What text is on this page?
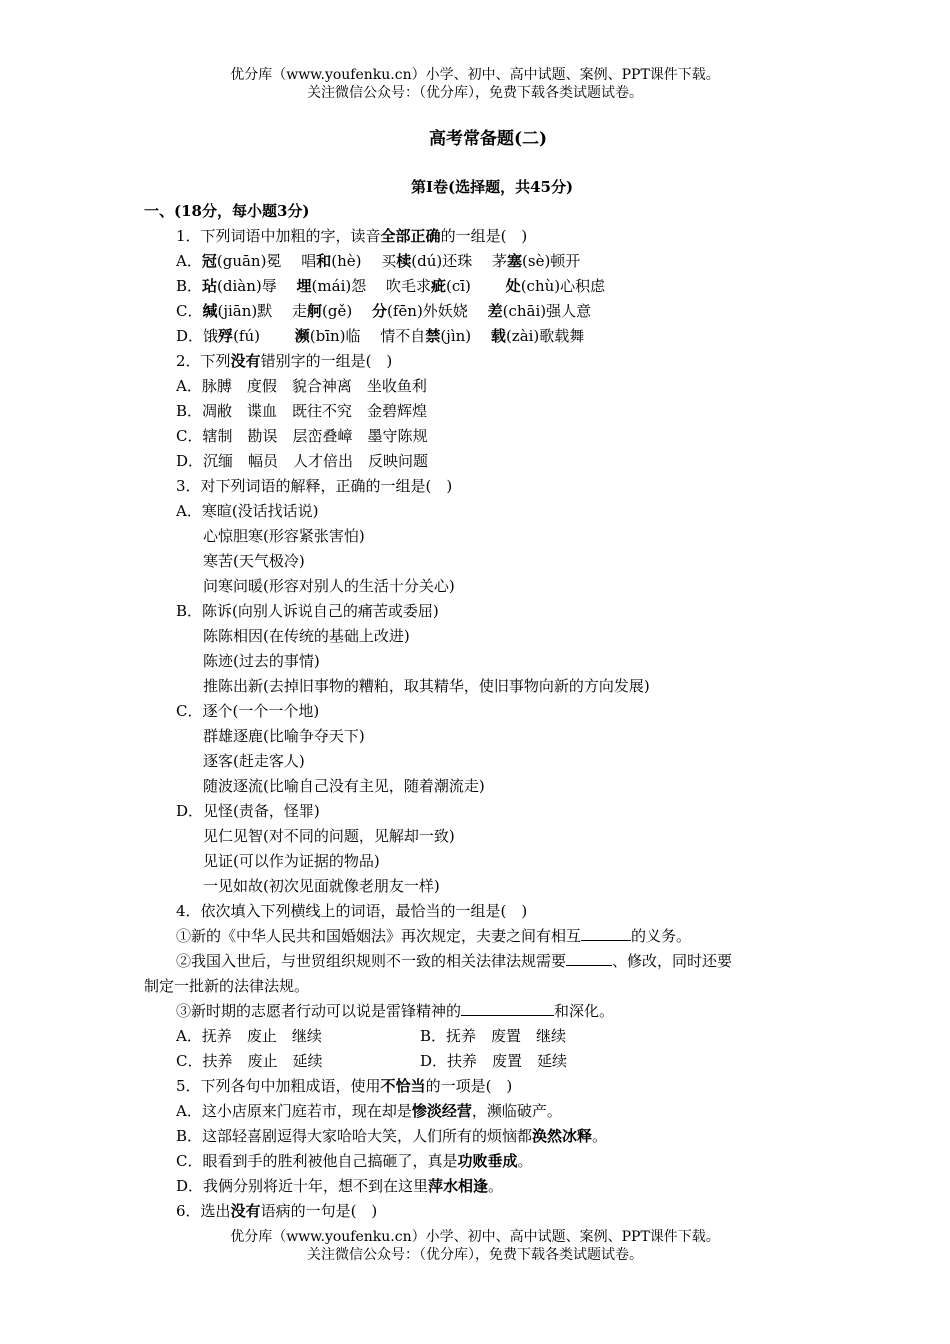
优分库（www.youfenku.cn）小学、初中、高中试题、案例、PPT课件下载。
关注微信公众号：（优分库），免费下载各类试题试卷。
高考常备题(二)
第Ⅰ卷(选择题，共45分)
一、(18分，每小题3分)
1．下列词语中加粗的字，读音全部正确的一组是(　)
A．冠(guān)冕　 唱和(hè)　 买椟(dú)还珠　 茅塞(sè)顿开
B．玷(diàn)辱　 埋(mái)怨　 吹毛求疵(cī)　　 处(chù)心积虑
C．缄(jiān)默　 走舸(gě)　 分(fēn)外妖娆　 差(chāi)强人意
D．饿殍(fú)　　 濒(bīn)临　 情不自禁(jìn)　 载(zài)歌载舞
2．下列没有错别字的一组是(　)
A．脉膊　度假　貌合神离　坐收鱼利
B．凋敝　谍血　既往不究　金碧辉煌
C．辖制　勘误　层峦叠嶂　墨守陈规
D．沉缅　幅员　人才倍出　反映问题
3．对下列词语的解释，正确的一组是(　)
A．寒暄(没话找话说)
心惊胆寒(形容紧张害怕)
寒苦(天气极冷)
问寒问暖(形容对别人的生活十分关心)
B．陈诉(向别人诉说自己的痛苦或委屈)
陈陈相因(在传统的基础上改进)
陈迹(过去的事情)
推陈出新(去掉旧事物的糟粕，取其精华，使旧事物向新的方向发展)
C．逐个(一个一个地)
群雄逐鹿(比喻争夺天下)
逐客(赶走客人)
随波逐流(比喻自己没有主见，随着潮流走)
D．见怪(责备，怪罪)
见仁见智(对不同的问题，见解却一致)
见证(可以作为证据的物品)
一见如故(初次见面就像老朋友一样)
4．依次填入下列横线上的词语，最恰当的一组是(　)
①新的《中华人民共和国婚姻法》再次规定，夫妻之间有相互	的义务。
②我国入世后，与世贸组织规则不一致的相关法律法规需要	、修改，同时还要
制定一批新的法律法规。
③新时期的志愿者行动可以说是雷锋精神的	和深化。
A．抚养　废止　继续	B．抚养　废置　继续
C．扶养　废止　延续	D．扶养　废置　延续
5．下列各句中加粗成语，使用不恰当的一项是(　)
A．这小店原来门庭若市，现在却是惨淡经营，濒临破产。
B．这部轻喜剧逗得大家哈哈大笑，人们所有的烦恼都涣然冰释。
C．眼看到手的胜利被他自己搞砸了，真是功败垂成。
D．我俩分别将近十年，想不到在这里萍水相逢。
6．选出没有语病的一句是(　)
优分库（www.youfenku.cn）小学、初中、高中试题、案例、PPT课件下载。
关注微信公众号：（优分库），免费下载各类试题试卷。
